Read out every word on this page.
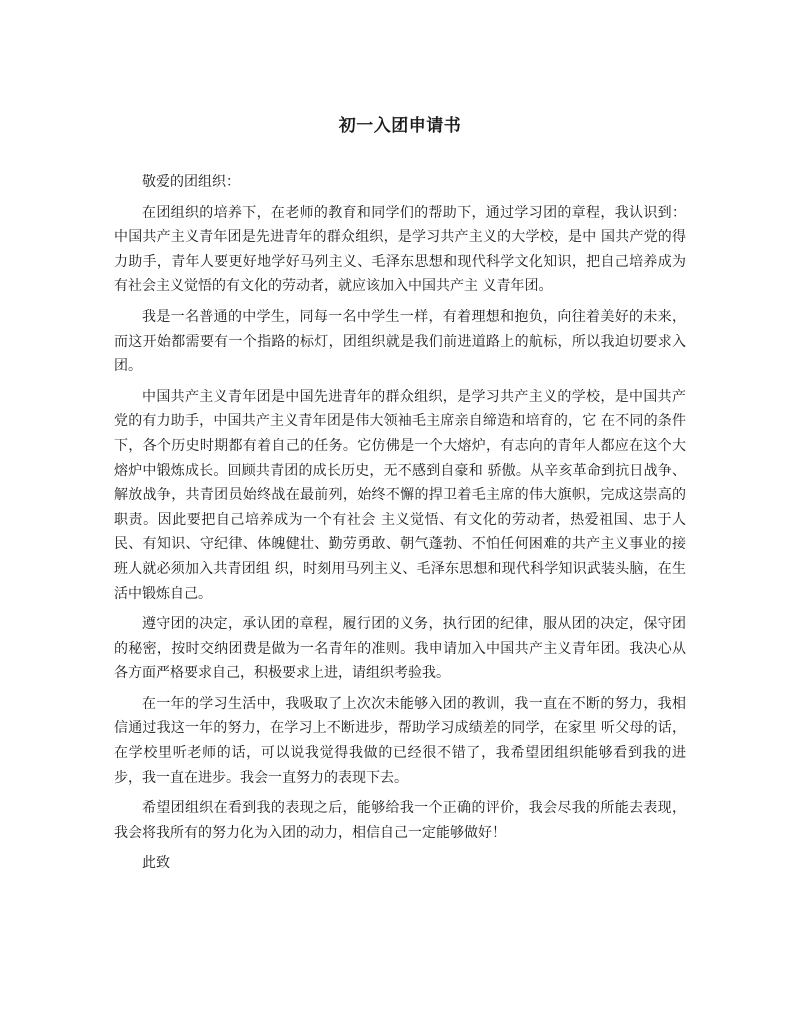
初一入团申请书

敬爱的团组织：

在团组织的培养下，在老师的教育和同学们的帮助下，通过学习团的章程，我认识到：中国共产主义青年团是先进青年的群众组织，是学习共产主义的大学校，是中 国共产党的得力助手，青年人要更好地学好马列主义、毛泽东思想和现代科学文化知识，把自己培养成为有社会主义觉悟的有文化的劳动者，就应该加入中国共产主 义青年团。

我是一名普通的中学生，同每一名中学生一样，有着理想和抱负，向往着美好的未来，而这开始都需要有一个指路的标灯，团组织就是我们前进道路上的航标，所以我迫切要求入团。

中国共产主义青年团是中国先进青年的群众组织，是学习共产主义的学校，是中国共产党的有力助手，中国共产主义青年团是伟大领袖毛主席亲自缔造和培育的，它 在不同的条件下，各个历史时期都有着自己的任务。它仿佛是一个大熔炉，有志向的青年人都应在这个大熔炉中锻炼成长。回顾共青团的成长历史，无不感到自豪和 骄傲。从辛亥革命到抗日战争、解放战争，共青团员始终战在最前列，始终不懈的捍卫着毛主席的伟大旗帜，完成这崇高的职责。因此要把自己培养成为一个有社会 主义觉悟、有文化的劳动者，热爱祖国、忠于人民、有知识、守纪律、体魄健壮、勤劳勇敢、朝气蓬勃、不怕任何困难的共产主义事业的接班人就必须加入共青团组 织，时刻用马列主义、毛泽东思想和现代科学知识武装头脑，在生活中锻炼自己。

遵守团的决定，承认团的章程，履行团的义务，执行团的纪律，服从团的决定，保守团的秘密，按时交纳团费是做为一名青年的准则。我申请加入中国共产主义青年团。我决心从各方面严格要求自己，积极要求上进，请组织考验我。

在一年的学习生活中，我吸取了上次次未能够入团的教训，我一直在不断的努力，我相信通过我这一年的努力，在学习上不断进步，帮助学习成绩差的同学，在家里 听父母的话，在学校里听老师的话，可以说我觉得我做的已经很不错了，我希望团组织能够看到我的进步，我一直在进步。我会一直努力的表现下去。

希望团组织在看到我的表现之后，能够给我一个正确的评价，我会尽我的所能去表现，我会将我所有的努力化为入团的动力，相信自己一定能够做好！

此致
